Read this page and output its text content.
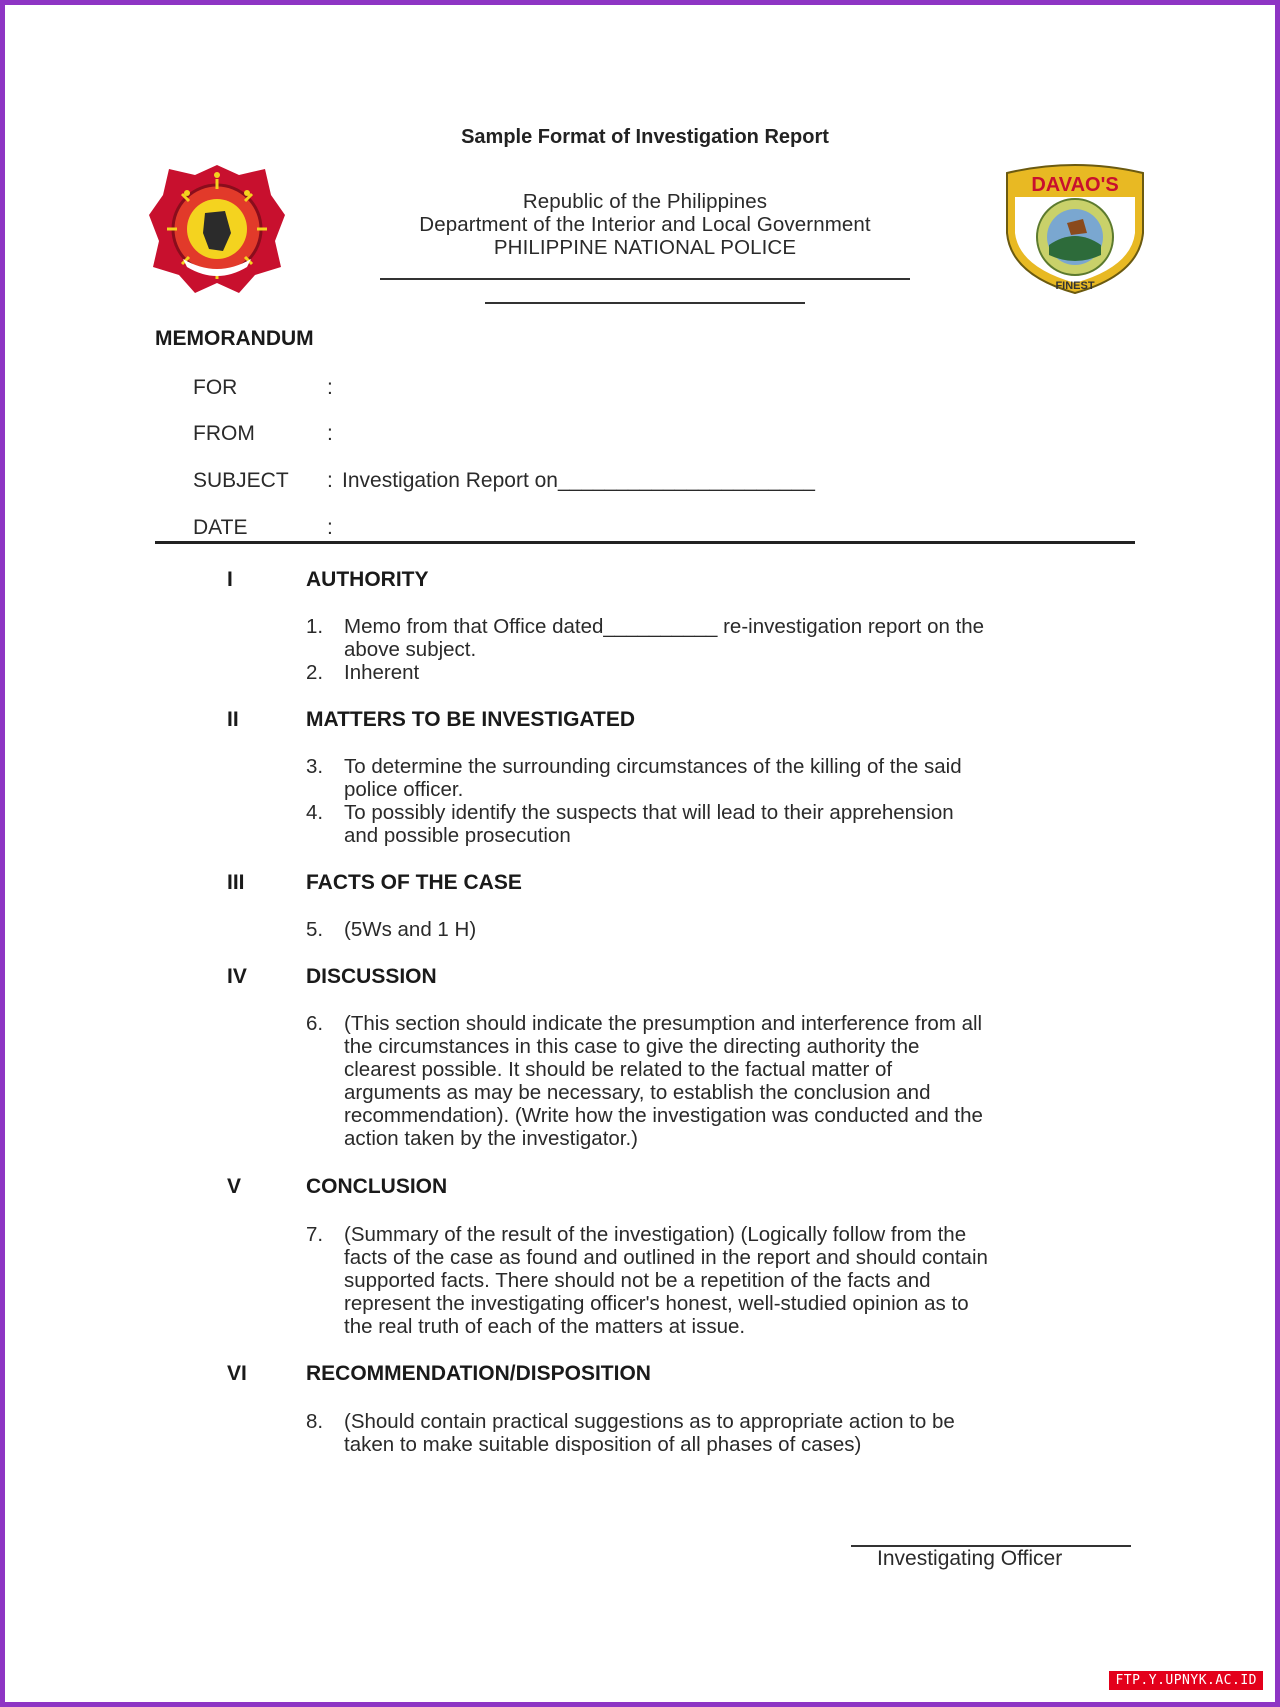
Sample Format of Investigation Report
DAVAO'S
FINEST
Republic of the Philippines
Department of the Interior and Local Government
PHILIPPINE NATIONAL POLICE
MEMORANDUM
FOR	:
FROM	:
SUBJECT : Investigation Report on______________________
DATE	:
I	AUTHORITY
1. Memo from that Office dated__________ re-investigation report on the
above subject.
2. Inherent
II	MATTERS TO BE INVESTIGATED
3. To determine the surrounding circumstances of the killing of the said
police officer.
4. To possibly identify the suspects that will lead to their apprehension
and possible prosecution
III	FACTS OF THE CASE
5. (5Ws and 1 H)
IV	DISCUSSION
6. (This section should indicate the presumption and interference from all
the circumstances in this case to give the directing authority the
clearest possible. It should be related to the factual matter of
arguments as may be necessary, to establish the conclusion and
recommendation). (Write how the investigation was conducted and the
action taken by the investigator.)
V	CONCLUSION
7. (Summary of the result of the investigation) (Logically follow from the
facts of the case as found and outlined in the report and should contain
supported facts. There should not be a repetition of the facts and
represent the investigating officer's honest, well-studied opinion as to
the real truth of each of the matters at issue.
VI	RECOMMENDATION/DISPOSITION
8. (Should contain practical suggestions as to appropriate action to be
taken to make suitable disposition of all phases of cases)
Investigating Officer
FTP.Y.UPNYK.AC.ID
